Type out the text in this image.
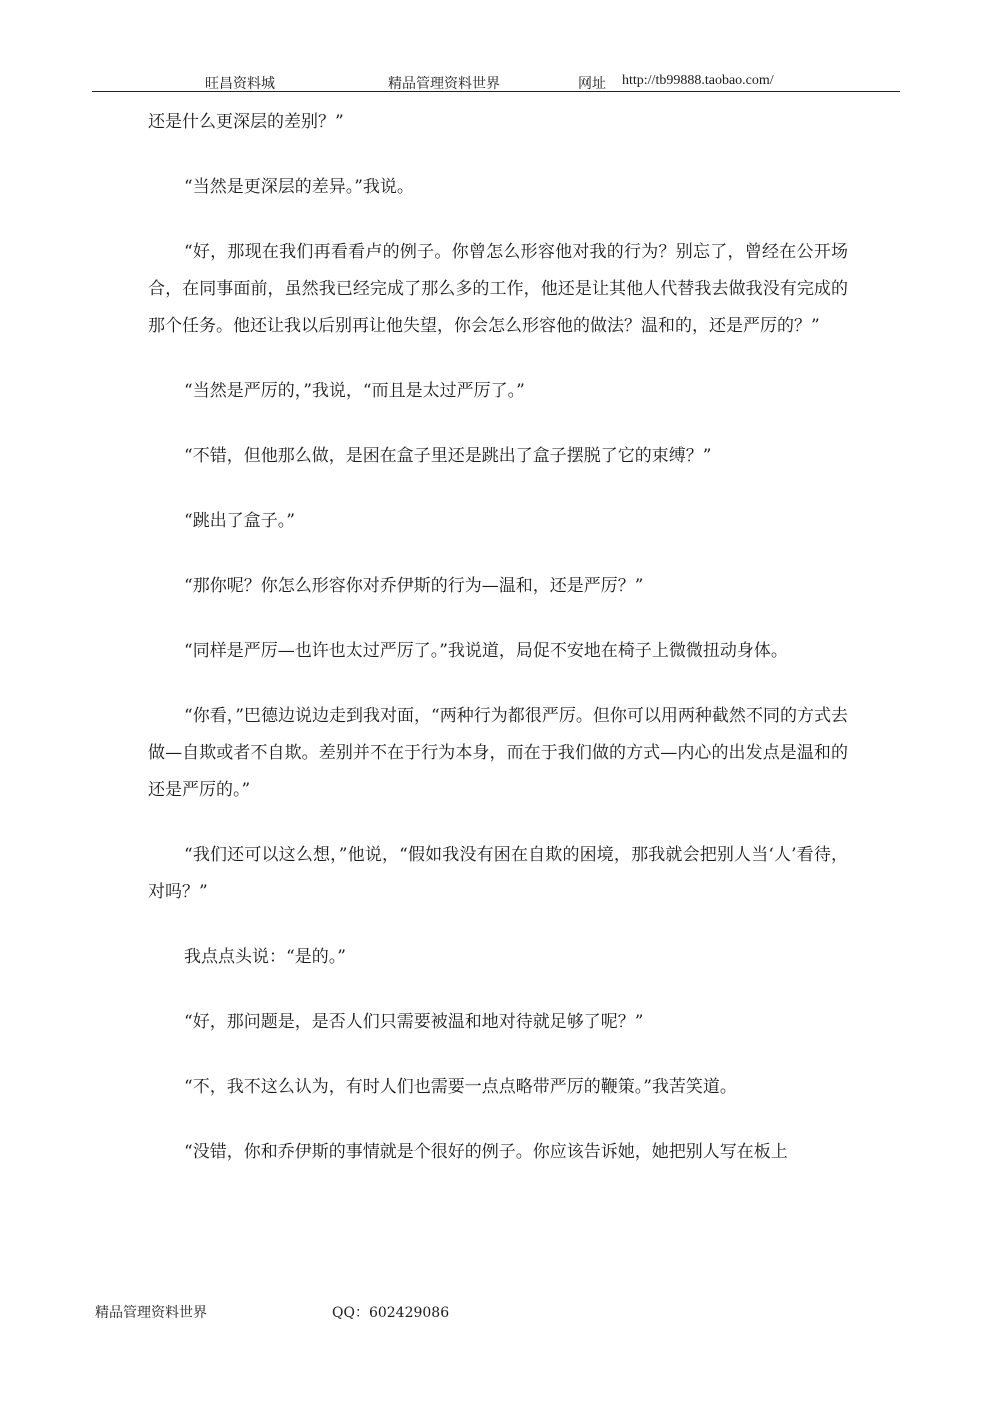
旺昌资料城	精品管理资料世界	网址 http://tb99888.taobao.com/

还是什么更深层的差别？”

“当然是更深层的差异。”我说。

“好，那现在我们再看看卢的例子。你曾怎么形容他对我的行为？别忘了，曾经在公开场合，在同事面前，虽然我已经完成了那么多的工作，他还是让其他人代替我去做我没有完成的那个任务。他还让我以后别再让他失望，你会怎么形容他的做法？温和的，还是严厉的？”

“当然是严厉的，”我说，“而且是太过严厉了。”

“不错，但他那么做，是困在盒子里还是跳出了盒子摆脱了它的束缚？”

“跳出了盒子。”

“那你呢？你怎么形容你对乔伊斯的行为—温和，还是严厉？”

“同样是严厉—也许也太过严厉了。”我说道，局促不安地在椅子上微微扭动身体。

“你看，”巴德边说边走到我对面，“两种行为都很严厉。但你可以用两种截然不同的方式去做—自欺或者不自欺。差别并不在于行为本身，而在于我们做的方式—内心的出发点是温和的还是严厉的。”

“我们还可以这么想，”他说，“假如我没有困在自欺的困境，那我就会把别人当‘人’看待，对吗？”

我点点头说：“是的。”

“好，那问题是，是否人们只需要被温和地对待就足够了呢？”

“不，我不这么认为，有时人们也需要一点点略带严厉的鞭策。”我苦笑道。

“没错，你和乔伊斯的事情就是个很好的例子。你应该告诉她，她把别人写在板上

精品管理资料世界	QQ：602429086
